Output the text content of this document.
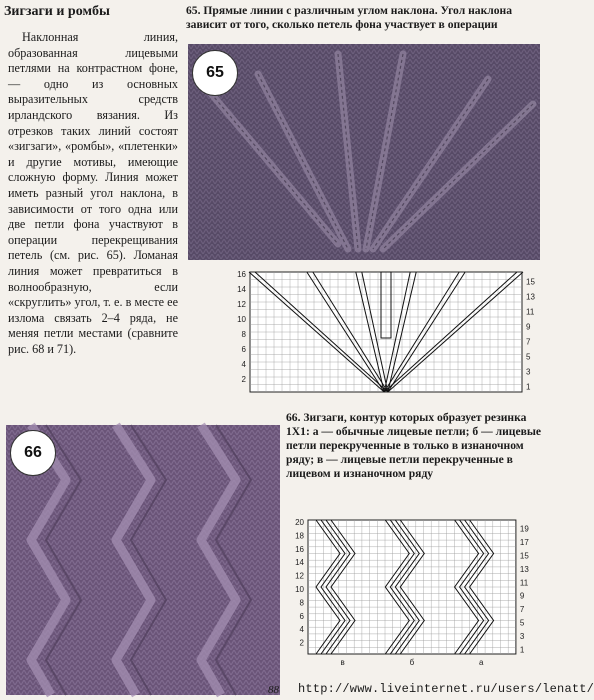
Зигзаги и ромбы
Наклонная линия, образованная лицевыми петлями на контрастном фоне, — одно из основных выразительных средств ирландского вязания. Из отрезков таких линий состоят «зигзаги», «ромбы», «плетенки» и другие мотивы, имеющие сложную форму. Линия может иметь разный угол наклона, в зависимости от того одна или две петли фона участвуют в операции перекрещивания петель (см. рис. 65). Ломаная линия может превратиться в волнообразную, если «скруглить» угол, т. е. в месте ее излома связать 2–4 ряда, не меняя петли местами (сравните рис. 68 и 71).
65. Прямые линии с различным углом наклона. Угол наклона зависит от того, сколько петель фона участвует в операции
65
16
14
12
10
8
6
4
2
15
13
11
9
7
5
3
1
66. Зигзаги, контур которых образует резинка 1Х1: а — обычные лицевые петли; б — лицевые петли перекрученные в только в изнаночном ряду; в — лицевые петли перекрученные в лицевом и изнаночном ряду
66
20
18
16
14
12
10
8
6
4
2
19
17
15
13
11
9
7
5
3
1
в	б	а
88 http://www.liveinternet.ru/users/lenatt/
